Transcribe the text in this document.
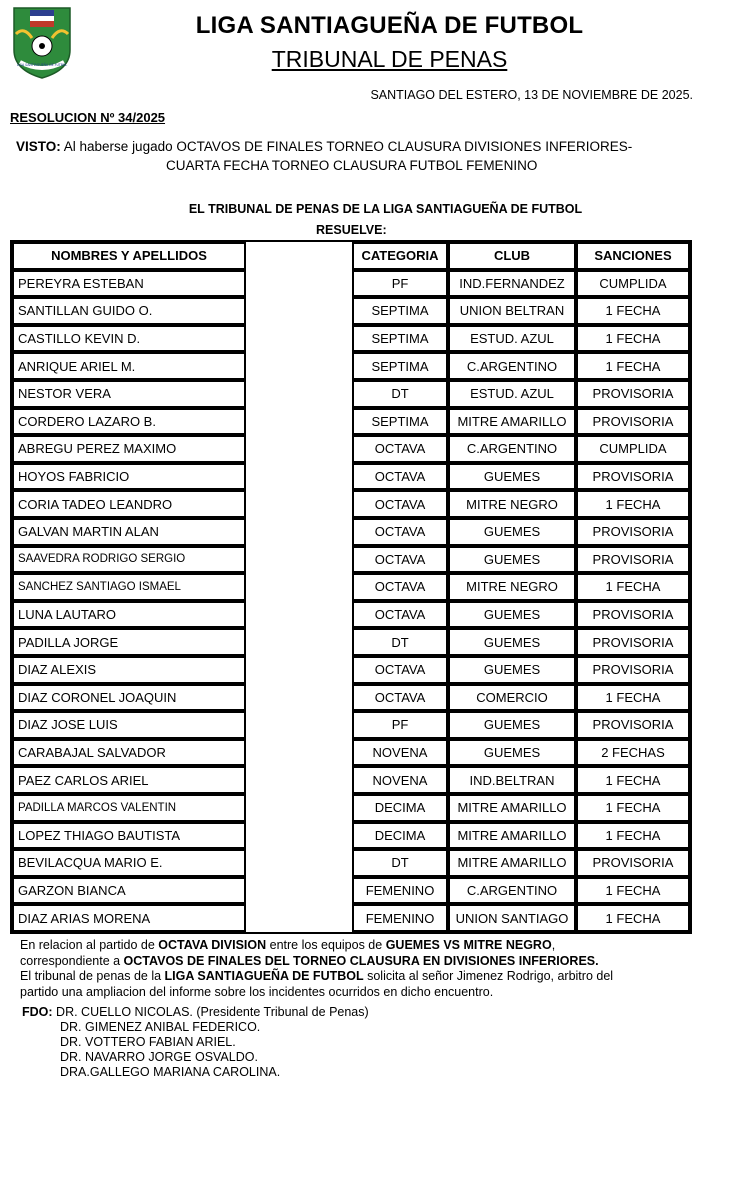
LIGA SANTIAGUEÑA DE FUTBOL
LIGA SANTIAGUEÑA DE FUTBOL
TRIBUNAL DE PENAS
SANTIAGO DEL ESTERO, 13 DE NOVIEMBRE DE 2025.
RESOLUCION Nº 34/2025
VISTO: Al haberse jugado OCTAVOS DE FINALES TORNEO CLAUSURA DIVISIONES INFERIORES-
CUARTA FECHA TORNEO CLAUSURA FUTBOL FEMENINO
EL TRIBUNAL DE PENAS DE LA LIGA SANTIAGUEÑA DE FUTBOL
RESUELVE:
NOMBRES Y APELLIDOS	CATEGORIA	CLUB	SANCIONES
PEREYRA ESTEBAN	PF	IND.FERNANDEZ	CUMPLIDA
SANTILLAN GUIDO O.	SEPTIMA	UNION BELTRAN	1 FECHA
CASTILLO KEVIN D.	SEPTIMA	ESTUD. AZUL	1 FECHA
ANRIQUE ARIEL M.	SEPTIMA	C.ARGENTINO	1 FECHA
NESTOR VERA	DT	ESTUD. AZUL	PROVISORIA
CORDERO LAZARO B.	SEPTIMA	MITRE AMARILLO	PROVISORIA
ABREGU PEREZ MAXIMO	OCTAVA	C.ARGENTINO	CUMPLIDA
HOYOS FABRICIO	OCTAVA	GUEMES	PROVISORIA
CORIA TADEO LEANDRO	OCTAVA	MITRE NEGRO	1 FECHA
GALVAN MARTIN ALAN	OCTAVA	GUEMES	PROVISORIA
SAAVEDRA RODRIGO SERGIO	OCTAVA	GUEMES	PROVISORIA
SANCHEZ SANTIAGO ISMAEL	OCTAVA	MITRE NEGRO	1 FECHA
LUNA LAUTARO	OCTAVA	GUEMES	PROVISORIA
PADILLA JORGE	DT	GUEMES	PROVISORIA
DIAZ ALEXIS	OCTAVA	GUEMES	PROVISORIA
DIAZ CORONEL JOAQUIN	OCTAVA	COMERCIO	1 FECHA
DIAZ JOSE LUIS	PF	GUEMES	PROVISORIA
CARABAJAL SALVADOR	NOVENA	GUEMES	2 FECHAS
PAEZ CARLOS ARIEL	NOVENA	IND.BELTRAN	1 FECHA
PADILLA MARCOS VALENTIN	DECIMA	MITRE AMARILLO	1 FECHA
LOPEZ THIAGO BAUTISTA	DECIMA	MITRE AMARILLO	1 FECHA
BEVILACQUA MARIO E.	DT	MITRE AMARILLO	PROVISORIA
GARZON BIANCA	FEMENINO	C.ARGENTINO	1 FECHA
DIAZ ARIAS MORENA	FEMENINO	UNION SANTIAGO	1 FECHA
En relacion al partido de OCTAVA DIVISION entre los equipos de GUEMES VS MITRE NEGRO,
correspondiente a OCTAVOS DE FINALES DEL TORNEO CLAUSURA EN DIVISIONES INFERIORES.
El tribunal de penas de la LIGA SANTIAGUEÑA DE FUTBOL solicita al señor Jimenez Rodrigo, arbitro del
partido una ampliacion del informe sobre los incidentes ocurridos en dicho encuentro.
FDO: DR. CUELLO NICOLAS. (Presidente Tribunal de Penas)
DR. GIMENEZ ANIBAL FEDERICO.
DR. VOTTERO FABIAN ARIEL.
DR. NAVARRO JORGE OSVALDO.
DRA.GALLEGO MARIANA CAROLINA.
